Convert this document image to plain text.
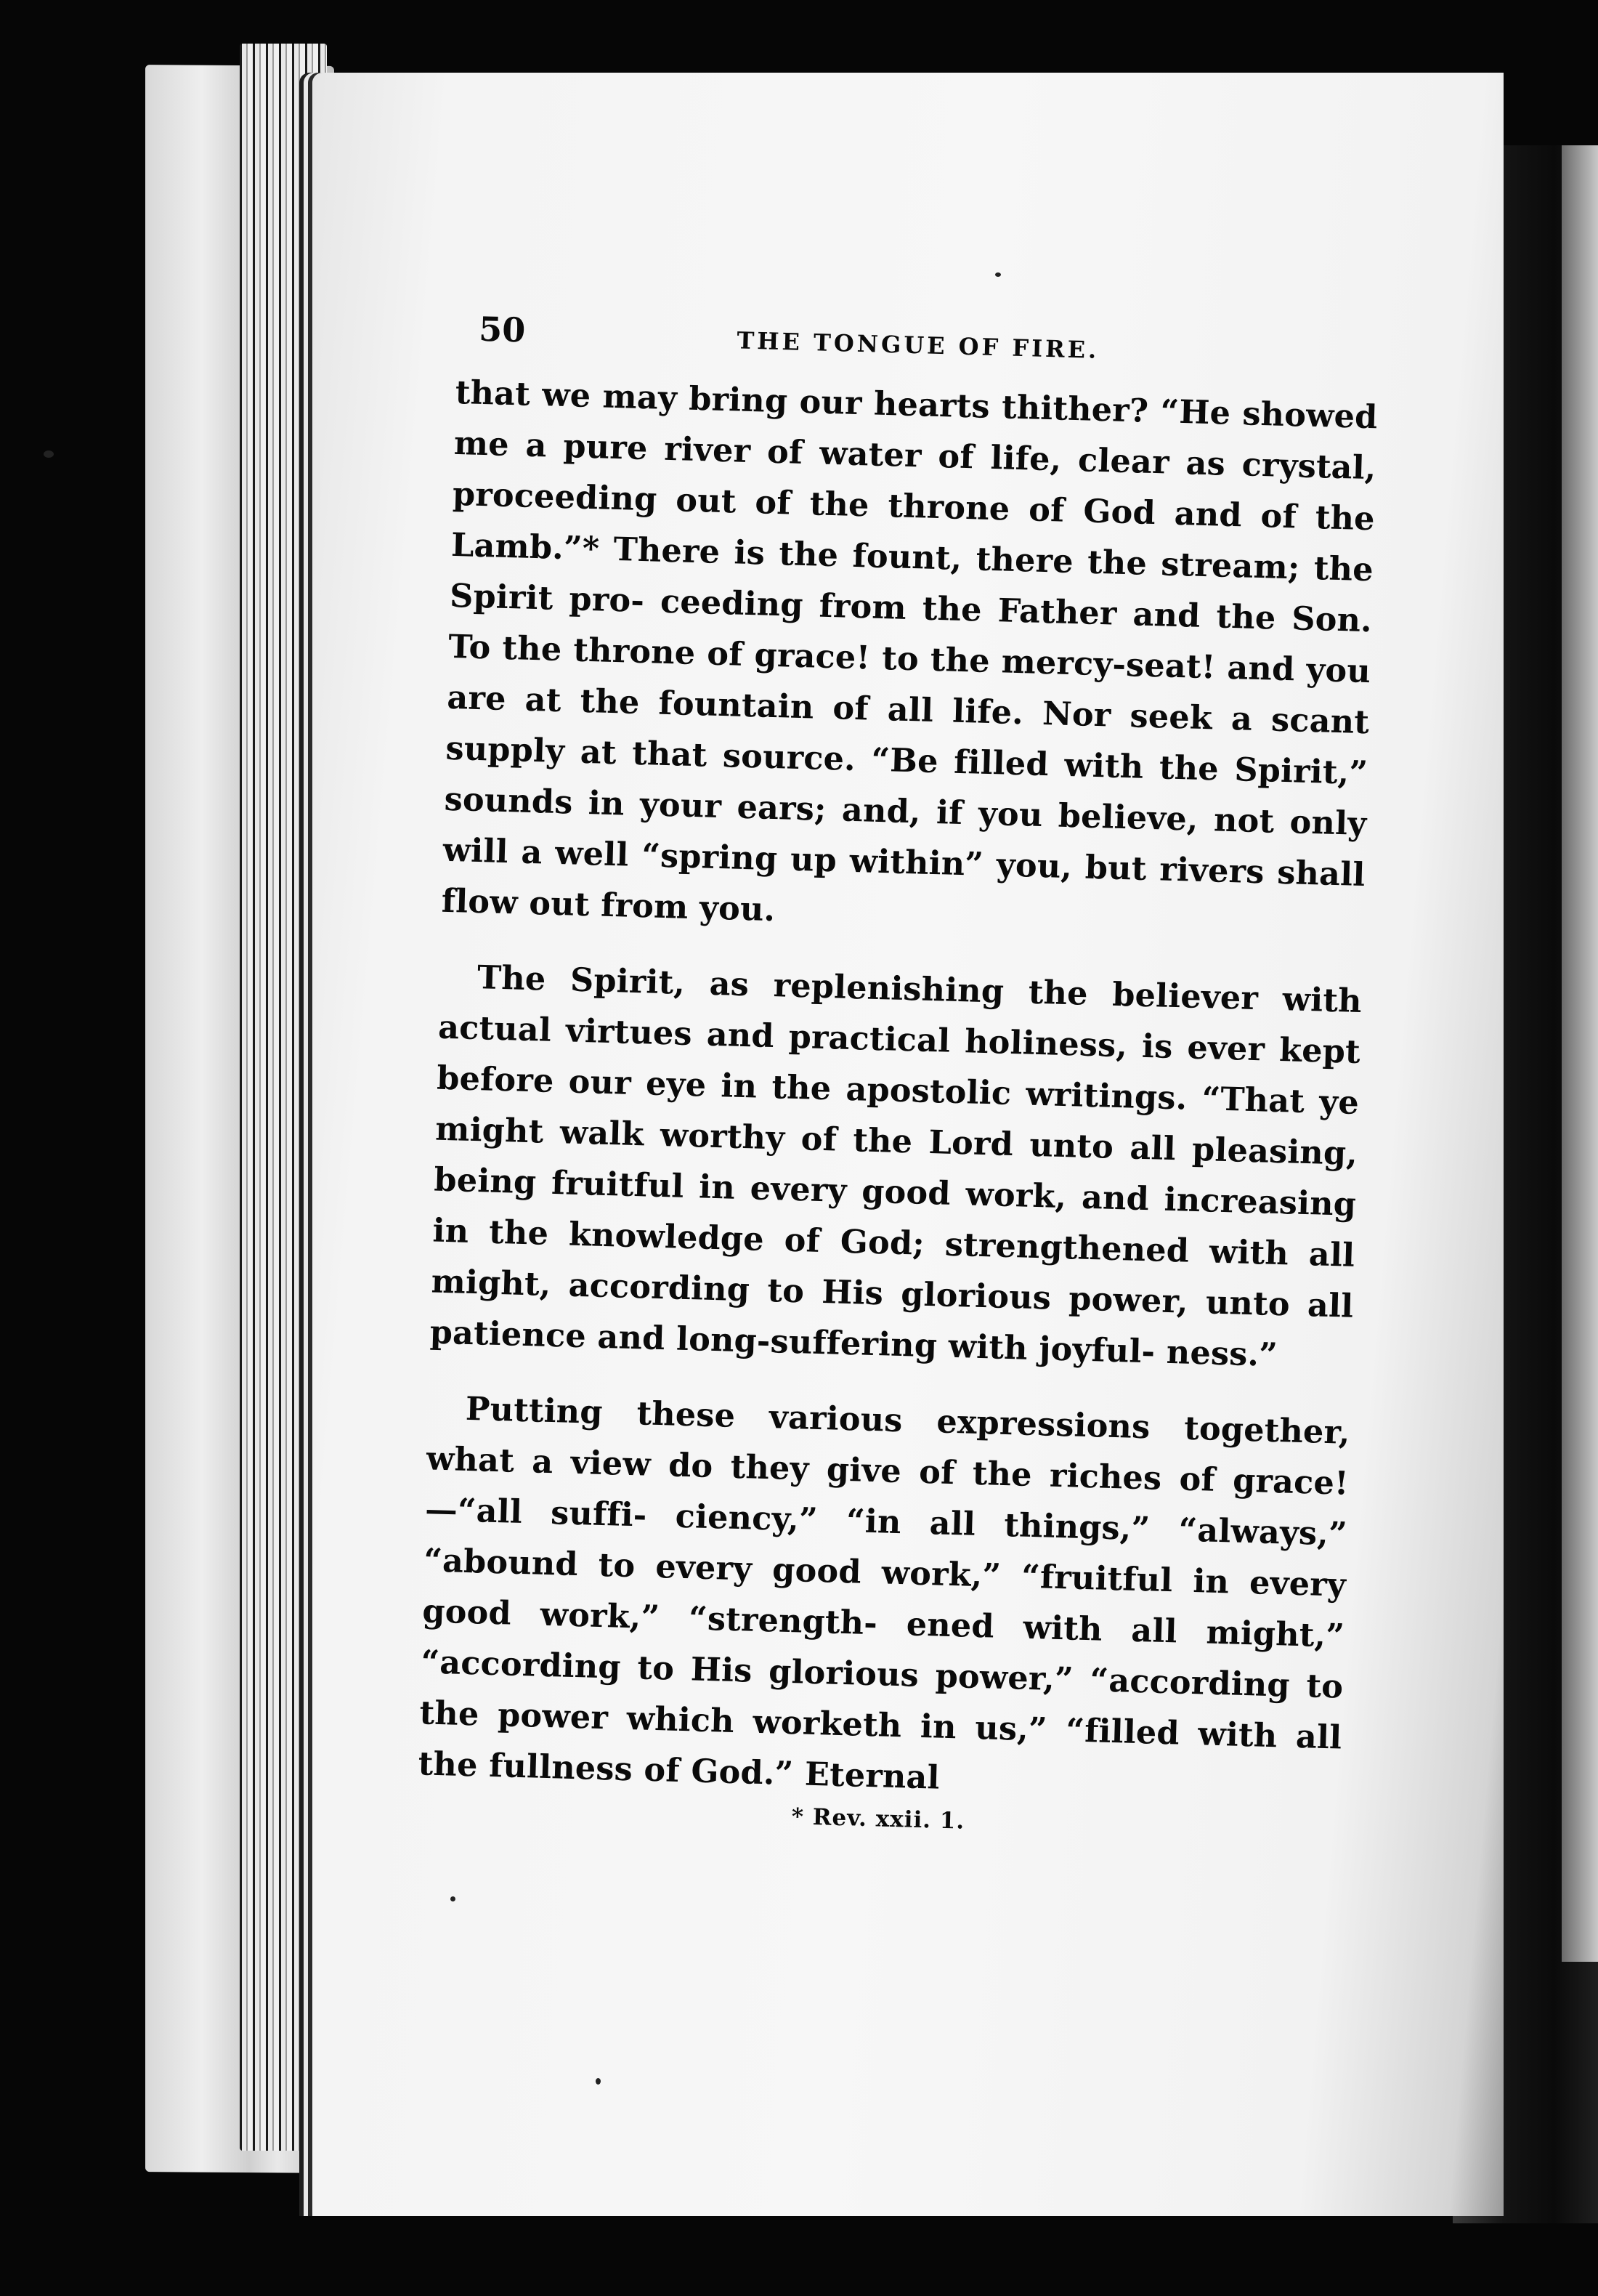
50	THE TONGUE OF FIRE.

that we may bring our hearts thither? “He showed me a pure river of water of life, clear as crystal, proceeding out of the throne of God and of the Lamb.”* There is the fount, there the stream; the Spirit pro- ceeding from the Father and the Son. To the throne of grace! to the mercy-seat! and you are at the fountain of all life. Nor seek a scant supply at that source. “Be filled with the Spirit,” sounds in your ears; and, if you believe, not only will a well “spring up within” you, but rivers shall flow out from you.

The Spirit, as replenishing the believer with actual virtues and practical holiness, is ever kept before our eye in the apostolic writings. “That ye might walk worthy of the Lord unto all pleasing, being fruitful in every good work, and increasing in the knowledge of God; strengthened with all might, according to His glorious power, unto all patience and long-suffering with joyful- ness.”

Putting these various expressions together, what a view do they give of the riches of grace!—“all suffi- ciency,” “in all things,” “always,” “abound to every good work,” “fruitful in every good work,” “strength- ened with all might,” “according to His glorious power,” “according to the power which worketh in us,” “filled with all the fullness of God.” Eternal

* Rev. xxii. 1.
